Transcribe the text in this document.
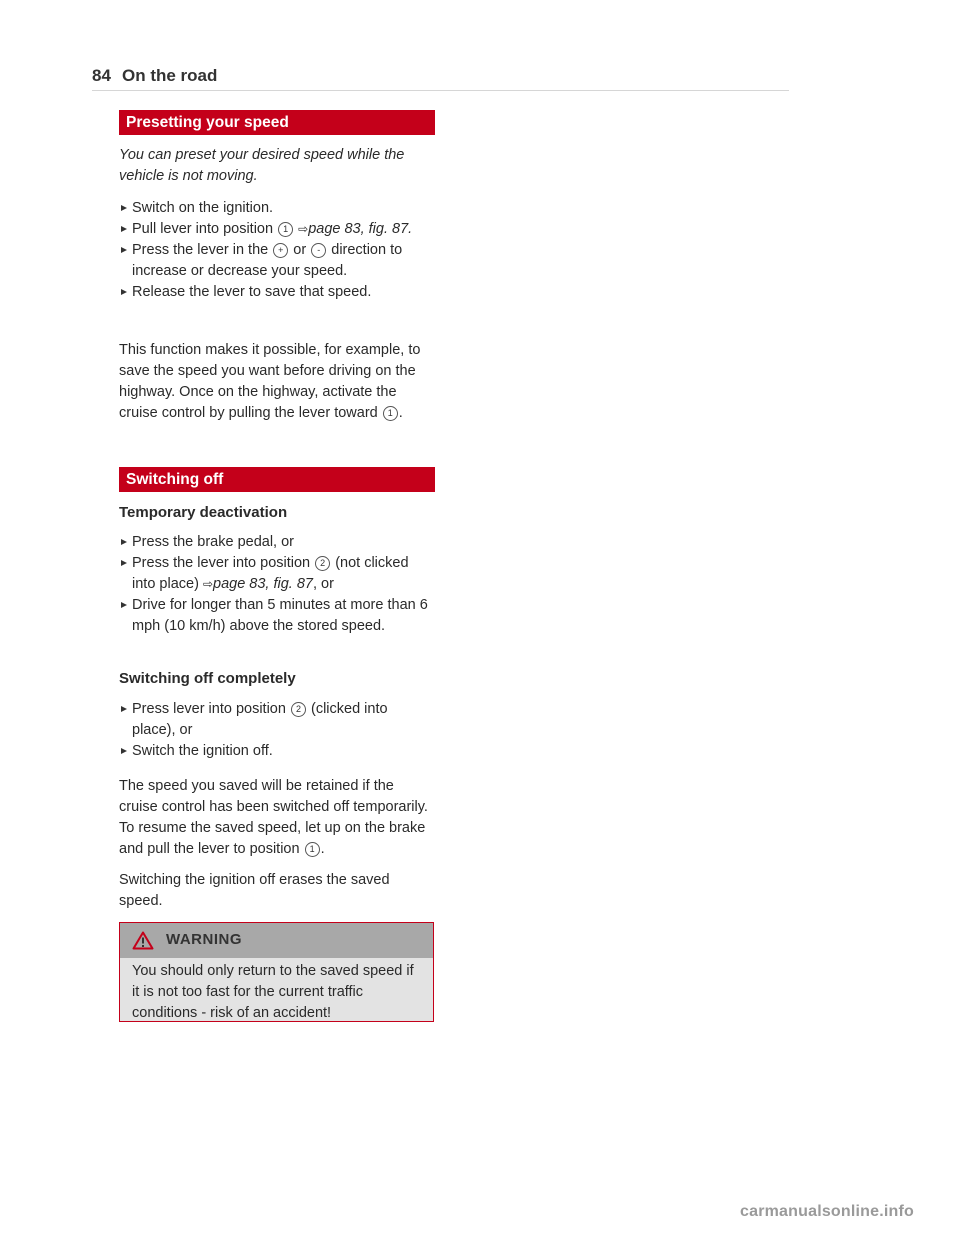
84 On the road
Presetting your speed
You can preset your desired speed while the vehicle is not moving.
Switch on the ignition.
Pull lever into position 1 ⇨page 83, fig. 87.
Press the lever in the + or - direction to increase or decrease your speed.
Release the lever to save that speed.
This function makes it possible, for example, to save the speed you want before driving on the highway. Once on the highway, activate the cruise control by pulling the lever toward 1 .
Switching off
Temporary deactivation
Press the brake pedal, or
Press the lever into position 2 (not clicked into place) ⇨page 83, fig. 87, or
Drive for longer than 5 minutes at more than 6 mph (10 km/h) above the stored speed.
Switching off completely
Press lever into position 2 (clicked into place), or
Switch the ignition off.
The speed you saved will be retained if the cruise control has been switched off temporarily. To resume the saved speed, let up on the brake and pull the lever to position 1 .
Switching the ignition off erases the saved speed.
WARNING
You should only return to the saved speed if it is not too fast for the current traffic conditions - risk of an accident!
carmanualsonline.info
